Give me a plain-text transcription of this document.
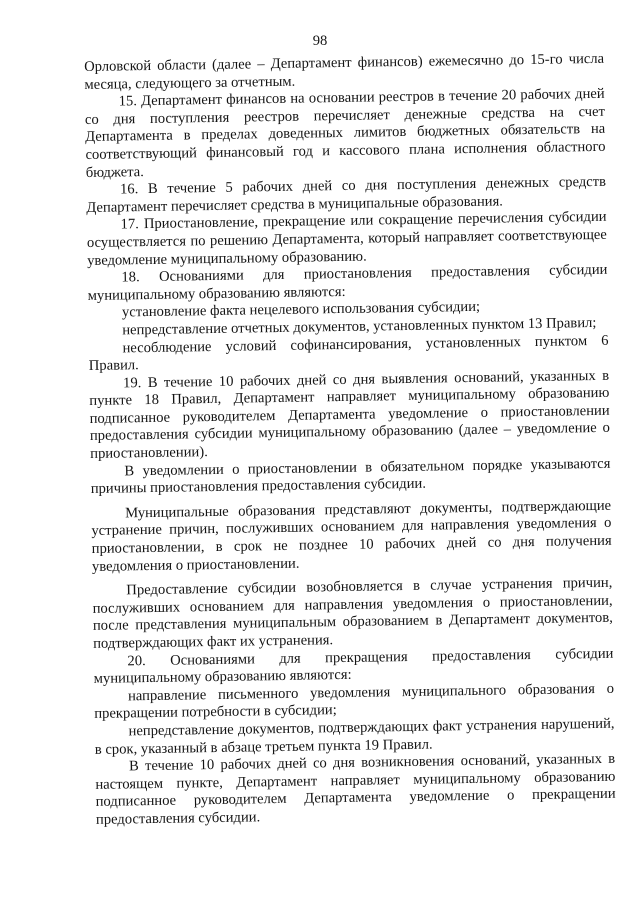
98

Орловской области (далее – Департамент финансов) ежемесячно до 15-го числа месяца, следующего за отчетным.

15. Департамент финансов на основании реестров в течение 20 рабочих дней со дня поступления реестров перечисляет денежные средства на счет Департамента в пределах доведенных лимитов бюджетных обязательств на соответствующий финансовый год и кассового плана исполнения областного бюджета.

16. В течение 5 рабочих дней со дня поступления денежных средств Департамент перечисляет средства в муниципальные образования.

17. Приостановление, прекращение или сокращение перечисления субсидии осуществляется по решению Департамента, который направляет соответствующее уведомление муниципальному образованию.

18. Основаниями для приостановления предоставления субсидии муниципальному образованию являются:

установление факта нецелевого использования субсидии;

непредставление отчетных документов, установленных пунктом 13 Правил;

несоблюдение условий софинансирования, установленных пунктом 6 Правил.

19. В течение 10 рабочих дней со дня выявления оснований, указанных в пункте 18 Правил, Департамент направляет муниципальному образованию подписанное руководителем Департамента уведомление о приостановлении предоставления субсидии муниципальному образованию (далее – уведомление о приостановлении).

В уведомлении о приостановлении в обязательном порядке указываются причины приостановления предоставления субсидии.

Муниципальные образования представляют документы, подтверждающие устранение причин, послуживших основанием для направления уведомления о приостановлении, в срок не позднее 10 рабочих дней со дня получения уведомления о приостановлении.

Предоставление субсидии возобновляется в случае устранения причин, послуживших основанием для направления уведомления о приостановлении, после представления муниципальным образованием в Департамент документов, подтверждающих факт их устранения.

20. Основаниями для прекращения предоставления субсидии муниципальному образованию являются:

направление письменного уведомления муниципального образования о прекращении потребности в субсидии;

непредставление документов, подтверждающих факт устранения нарушений, в срок, указанный в абзаце третьем пункта 19 Правил.

В течение 10 рабочих дней со дня возникновения оснований, указанных в настоящем пункте, Департамент направляет муниципальному образованию подписанное руководителем Департамента уведомление о прекращении предоставления субсидии.
